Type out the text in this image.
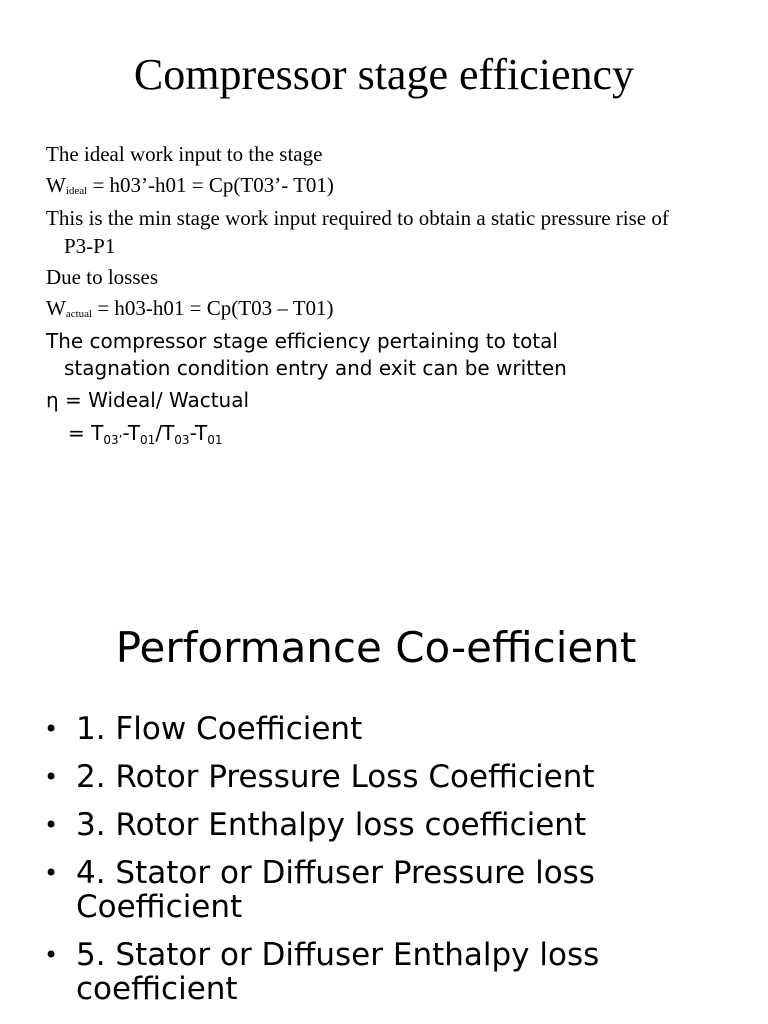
Compressor stage efficiency
The ideal work input to the stage
$W_{ideal}$ = h03’-h01 = Cp(T03’- T01)
This is the min stage work input required to obtain a static pressure rise of
P3-P1
Due to losses
$W_{actual} = h03-h01 = Cp(T03 - T01)$
The compressor stage efficiency pertaining to total
stagnation condition entry and exit can be written
η = Wideal/ Wactual
= $T_{03’}-T_{01}/T_{03}-T_{01}$
Performance Co-efficient
• 1. Flow Coefficient
• 2. Rotor Pressure Loss Coefficient
• 3. Rotor Enthalpy loss coefficient
• 4. Stator or Diffuser Pressure loss Coefficient
• 5. Stator or Diffuser Enthalpy loss coefficient
